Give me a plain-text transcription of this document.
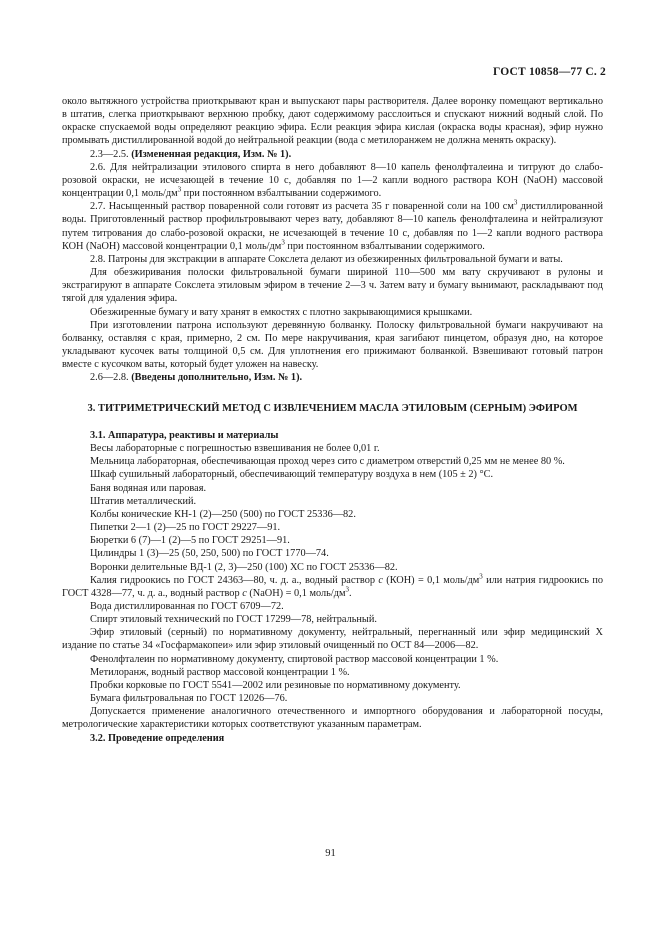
ГОСТ 10858—77 С. 2

около вытяжного устройства приоткрывают кран и выпускают пары растворителя. Далее воронку помещают вертикально в штатив, слегка приоткрывают верхнюю пробку, дают содержимому расслоиться и спускают нижний водный слой. По окраске спускаемой воды определяют реакцию эфира. Если реакция эфира кислая (окраска воды красная), эфир нужно промывать дистиллированной водой до нейтральной реакции (вода с метилоранжем не должна менять окраску).

2.3—2.5. (Измененная редакция, Изм. № 1).

2.6. Для нейтрализации этилового спирта в него добавляют 8—10 капель фенолфталеина и титруют до слабо-розовой окраски, не исчезающей в течение 10 с, добавляя по 1—2 капли водного раствора КОН (NaOH) массовой концентрации 0,1 моль/$дм^3$ при постоянном взбалтывании содержимого.

2.7. Насыщенный раствор поваренной соли готовят из расчета 35 г поваренной соли на 100 $см^3$ дистиллированной воды. Приготовленный раствор профильтровывают через вату, добавляют 8—10 капель фенолфталеина и нейтрализуют путем титрования до слабо-розовой окраски, не исчезающей в течение 10 с, добавляя по 1—2 капли водного раствора КОН (NaOH) массовой концентрации 0,1 моль/$дм^3$ при постоянном взбалтывании содержимого.

2.8. Патроны для экстракции в аппарате Сокслета делают из обезжиренных фильтровальной бумаги и ваты.

Для обезжиривания полоски фильтровальной бумаги шириной 110—500 мм вату скручивают в рулоны и экстрагируют в аппарате Сокслета этиловым эфиром в течение 2—3 ч. Затем вату и бумагу вынимают, раскладывают под тягой для удаления эфира.

Обезжиренные бумагу и вату хранят в емкостях с плотно закрывающимися крышками.

При изготовлении патрона используют деревянную болванку. Полоску фильтровальной бумаги накручивают на болванку, оставляя с края, примерно, 2 см. По мере накручивания, края загибают пинцетом, образуя дно, на которое укладывают кусочек ваты толщиной 0,5 см. Для уплотнения его прижимают болванкой. Взвешивают готовый патрон вместе с кусочком ваты, который будет уложен на навеску.

2.6—2.8. (Введены дополнительно, Изм. № 1).

3. ТИТРИМЕТРИЧЕСКИЙ МЕТОД С ИЗВЛЕЧЕНИЕМ МАСЛА ЭТИЛОВЫМ (СЕРНЫМ) ЭФИРОМ

3.1. Аппаратура, реактивы и материалы

Весы лабораторные с погрешностью взвешивания не более 0,01 г.

Мельница лабораторная, обеспечивающая проход через сито с диаметром отверстий 0,25 мм не менее 80 %.

Шкаф сушильный лабораторный, обеспечивающий температуру воздуха в нем (105 ± 2) °С.

Баня водяная или паровая.

Штатив металлический.

Колбы конические КН-1 (2)—250 (500) по ГОСТ 25336—82.

Пипетки 2—1 (2)—25 по ГОСТ 29227—91.

Бюретки 6 (7)—1 (2)—5 по ГОСТ 29251—91.

Цилиндры 1 (3)—25 (50, 250, 500) по ГОСТ 1770—74.

Воронки делительные ВД-1 (2, 3)—250 (100) ХС по ГОСТ 25336—82.

Калия гидроокись по ГОСТ 24363—80, ч. д. а., водный раствор с (КОН) = 0,1 моль/$дм^3$ или натрия гидроокись по ГОСТ 4328—77, ч. д. а., водный раствор с (NaOH) = 0,1 моль/$дм^3$.

Вода дистиллированная по ГОСТ 6709—72.

Спирт этиловый технический по ГОСТ 17299—78, нейтральный.

Эфир этиловый (серный) по нормативному документу, нейтральный, перегнанный или эфир медицинский Х издание по статье 34 «Госфармакопеи» или эфир этиловый очищенный по ОСТ 84—2006—82.

Фенолфталеин по нормативному документу, спиртовой раствор массовой концентрации 1 %.

Метилоранж, водный раствор массовой концентрации 1 %.

Пробки корковые по ГОСТ 5541—2002 или резиновые по нормативному документу.

Бумага фильтровальная по ГОСТ 12026—76.

Допускается применение аналогичного отечественного и импортного оборудования и лабораторной посуды, метрологические характеристики которых соответствуют указанным параметрам.

3.2. Проведение определения

91
